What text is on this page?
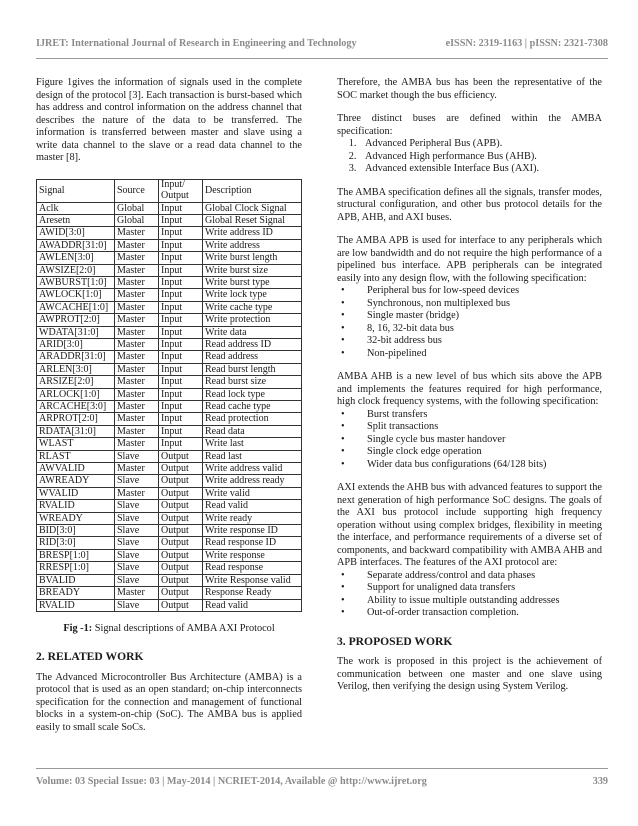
IJRET: International Journal of Research in Engineering and Technology	eISSN: 2319-1163 | pISSN: 2321-7308

Figure 1gives the information of signals used in the complete design of the protocol [3]. Each transaction is burst-based which has address and control information on the address channel that describes the nature of the data to be transferred. The information is transferred between master and slave using a write data channel to the slave or a read data channel to the master [8].

Signal	Source	Input/ Output	Description
Aclk	Global	Input	Global Clock Signal
Aresetn	Global	Input	Global Reset Signal
AWID[3:0]	Master	Input	Write address ID
AWADDR[31:0]	Master	Input	Write address
AWLEN[3:0]	Master	Input	Write burst length
AWSIZE[2:0]	Master	Input	Write burst size
AWBURST[1:0]	Master	Input	Write burst type
AWLOCK[1:0]	Master	Input	Write lock type
AWCACHE[1:0]	Master	Input	Write cache type
AWPROT[2:0]	Master	Input	Write protection
WDATA[31:0]	Master	Input	Write data
ARID[3:0]	Master	Input	Read address ID
ARADDR[31:0]	Master	Input	Read address
ARLEN[3:0]	Master	Input	Read burst length
ARSIZE[2:0]	Master	Input	Read burst size
ARLOCK[1:0]	Master	Input	Read lock type
ARCACHE[3:0]	Master	Input	Read cache type
ARPROT[2:0]	Master	Input	Read protection
RDATA[31:0]	Master	Input	Read data
WLAST	Master	Input	Write last
RLAST	Slave	Output	Read last
AWVALID	Master	Output	Write address valid
AWREADY	Slave	Output	Write address ready
WVALID	Master	Output	Write valid
RVALID	Slave	Output	Read valid
WREADY	Slave	Output	Write ready
BID[3:0]	Slave	Output	Write response ID
RID[3:0]	Slave	Output	Read response ID
BRESP[1:0]	Slave	Output	Write response
RRESP[1:0]	Slave	Output	Read response
BVALID	Slave	Output	Write Response valid
BREADY	Master	Output	Response Ready
RVALID	Slave	Output	Read valid
Fig -1: Signal descriptions of AMBA AXI Protocol
2. RELATED WORK

The Advanced Microcontroller Bus Architecture (AMBA) is a protocol that is used as an open standard; on-chip interconnects specification for the connection and management of functional blocks in a system-on-chip (SoC). The AMBA bus is applied easily to small scale SoCs.

Therefore, the AMBA bus has been the representative of the SOC market though the bus efficiency.

Three distinct buses are defined within the AMBA specification:

1. Advanced Peripheral Bus (APB).
2. Advanced High performance Bus (AHB).
3. Advanced extensible Interface Bus (AXI).

The AMBA specification defines all the signals, transfer modes, structural configuration, and other bus protocol details for the APB, AHB, and AXI buses.

The AMBA APB is used for interface to any peripherals which are low bandwidth and do not require the high performance of a pipelined bus interface. APB peripherals can be integrated easily into any design flow, with the following specification:

• Peripheral bus for low-speed devices
• Synchronous, non multiplexed bus
• Single master (bridge)
• 8, 16, 32-bit data bus
• 32-bit address bus
• Non-pipelined

AMBA AHB is a new level of bus which sits above the APB and implements the features required for high performance, high clock frequency systems, with the following specification:

• Burst transfers
• Split transactions
• Single cycle bus master handover
• Single clock edge operation
• Wider data bus configurations (64/128 bits)

AXI extends the AHB bus with advanced features to support the next generation of high performance SoC designs. The goals of the AXI bus protocol include supporting high frequency operation without using complex bridges, flexibility in meeting the interface, and performance requirements of a diverse set of components, and backward compatibility with AMBA AHB and APB interfaces. The features of the AXI protocol are:

• Separate address/control and data phases
• Support for unaligned data transfers
• Ability to issue multiple outstanding addresses
• Out-of-order transaction completion.
3. PROPOSED WORK

The work is proposed in this project is the achievement of communication between one master and one slave using Verilog, then verifying the design using System Verilog.

Volume: 03 Special Issue: 03 | May-2014 | NCRIET-2014, Available @ http://www.ijret.org	339
